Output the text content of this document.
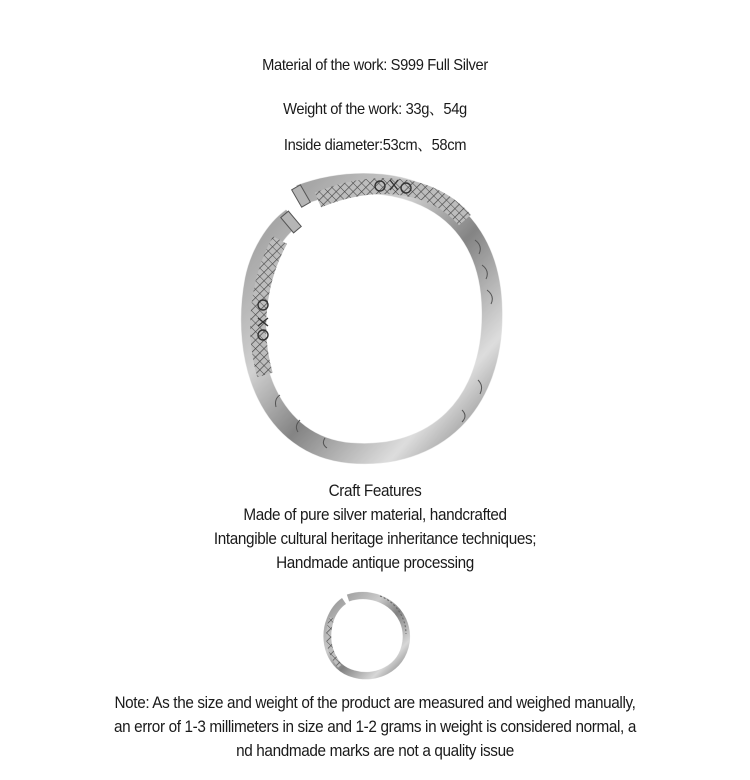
Material of the work: S999 Full Silver
Weight of the work: 33g、54g
Inside diameter:53cm、58cm
Craft Features
Made of pure silver material, handcrafted
Intangible cultural heritage inheritance techniques;
Handmade antique processing
Note: As the size and weight of the product are measured and weighed manually,
an error of 1-3 millimeters in size and 1-2 grams in weight is considered normal, a
nd handmade marks are not a quality issue
